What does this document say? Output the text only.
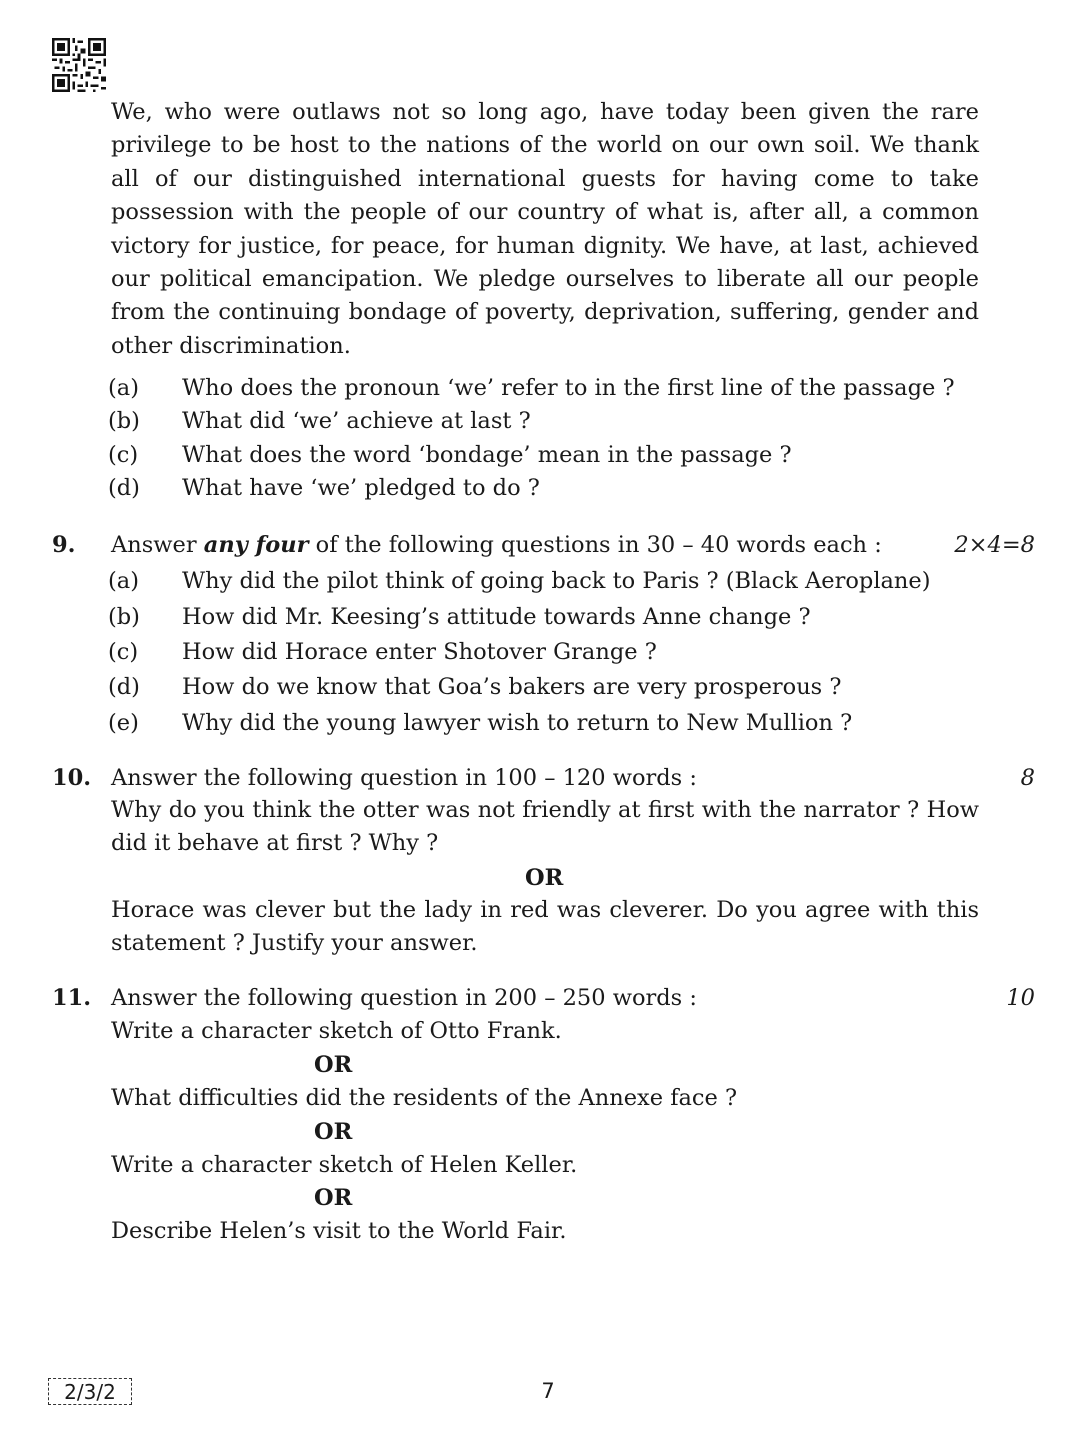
We, who were outlaws not so long ago, have today been given the rare privilege to be host to the nations of the world on our own soil. We thank all of our distinguished international guests for having come to take possession with the people of our country of what is, after all, a common victory for justice, for peace, for human dignity. We have, at last, achieved our political emancipation. We pledge ourselves to liberate all our people from the continuing bondage of poverty, deprivation, suffering, gender and other discrimination.
(a) Who does the pronoun ‘we’ refer to in the first line of the passage ?
(b) What did ‘we’ achieve at last ?
(c) What does the word ‘bondage’ mean in the passage ?
(d) What have ‘we’ pledged to do ?
9. Answer any four of the following questions in 30 – 40 words each :	2×4=8
(a) Why did the pilot think of going back to Paris ? (Black Aeroplane)
(b) How did Mr. Keesing’s attitude towards Anne change ?
(c) How did Horace enter Shotover Grange ?
(d) How do we know that Goa’s bakers are very prosperous ?
(e) Why did the young lawyer wish to return to New Mullion ?
10. Answer the following question in 100 – 120 words :	8
Why do you think the otter was not friendly at first with the narrator ? How did it behave at first ? Why ?
OR
Horace was clever but the lady in red was cleverer. Do you agree with this statement ? Justify your answer.
11. Answer the following question in 200 – 250 words :	10
Write a character sketch of Otto Frank.
OR
What difficulties did the residents of the Annexe face ?
OR
Write a character sketch of Helen Keller.
OR
Describe Helen’s visit to the World Fair.
2/3/2	7
